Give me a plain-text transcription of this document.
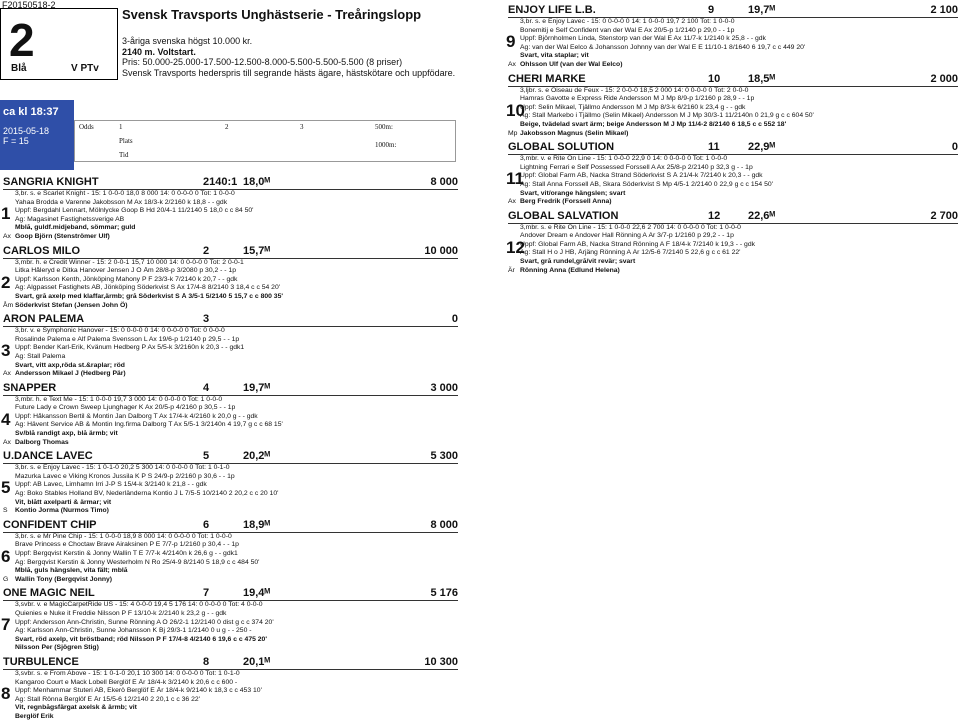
F20150518-2
2
Blå	V PTv
Svensk Travsports Unghästserie - Treåringslopp
3-åriga svenska högst 10.000 kr.
2140 m. Voltstart.
Pris: 50.000-25.000-17.500-12.500-8.000-5.500-5.500-5.500 (8 priser)
Svensk Travsports hederspris till segrande hästs ägare, hästskötare och uppfödare.
ca kl 18:37
2015-05-18
F = 15
Odds	1	2	3	500m:
Plats	1000m:
Tid
SANGRIA KNIGHT	2140:1 18,0ᴹ	8 000
1
3,br. s. e Scarlet Knight - 15: 1 0-0-0 18,0 8 000 14: 0 0-0-0 0 Tot: 1 0-0-0
Yahaa Brodda e Varenne Jakobsson M Ax 18/3-k 2/2160 k 18,8 - - gdk
Uppf: Bergdahl Lennart, Mölnlycke Goop B Hd 20/4-1 11/2140 5 18,0 c c 84 50'
Äg: Magasinet Fastighetssverige AB
Mblå, guldf.midjeband, sömmar; guld
Ax Goop Björn (Stenströmer Ulf)
CARLOS MILO	2	15,7ᴹ	10 000
2
3,mbr. h. e Credit Winner - 15: 2 0-0-1 15,7 10 000 14: 0 0-0-0 0 Tot: 2 0-0-1
Litka Håleryd e Ditka Hanover Jensen J Ö Åm 28/8-p 3/2080 p 30,2 - - 1p
Uppf: Karlsson Kenth, Jönköping Mahony P F 23/3-k 7/2140 k 20,7 - - gdk
Äg: Algpasset Fastighets AB, Jönköping Söderkvist S Ax 17/4-8 8/2140 3 18,4 c c 54 20'
Svart, grå axelp med klaffar,ärmb; grå Söderkvist S Å 3/5-1 5/2140 5 15,7 c c 800 35'
Åm Söderkvist Stefan (Jensen John Ö)
ARON PALEMA	3	0
3
3,br. v. e Symphonic Hanover - 15: 0 0-0-0 0 14: 0 0-0-0 0 Tot: 0 0-0-0
Rosalinde Palema e Alf Palema Svensson L Ax 19/6-p 1/2140 p 29,5 - - 1p
Uppf: Bender Karl-Erik, Kvänum Hedberg P Ax 5/5-k 3/2160n k 20,3 - - gdk1
Äg: Stall Palema
Svart, vitt axp,röda st.&raplar; röd
Ax Andersson Mikael J (Hedberg Pär)
SNAPPER	4	19,7ᴹ	3 000
4
3,mbr. h. e Text Me - 15: 1 0-0-0 19,7 3 000 14: 0 0-0-0 0 Tot: 1 0-0-0
Future Lady e Crown Sweep Ljunghager K Ax 20/5-p 4/2160 p 30,5 - - 1p
Uppf: Håkansson Bertil & Montin Jan Dalborg T Ax 17/4-k 4/2160 k 20,0 g - - gdk
Äg: Hävent Service AB & Montin Ing.firma Dalborg T Ax 5/5-1 3/2140n 4 19,7 g c c 68 15'
Sv/blå randigt axp, blå ärmb; vit
Ax Dalborg Thomas
U.DANCE LAVEC	5	20,2ᴹ	5 300
5
3,br. s. e Enjoy Lavec - 15: 1 0-1-0 20,2 5 300 14: 0 0-0-0 0 Tot: 1 0-1-0
Mazurka Lavec e Viking Kronos Jussila K P S 24/9-p 2/2160 p 30,6 - - 1p
Uppf: AB Lavec, Limhamn Irri J-P S 15/4-k 3/2140 k 21,8 - - gdk
Äg: Boko Stables Holland BV, Nederländerna Kontio J L 7/5-5 10/2140 2 20,2 c c 20 10'
Vit, blått axelparti & ärmar; vit
S	Kontio Jorma (Nurmos Timo)
CONFIDENT CHIP	6	18,9ᴹ	8 000
6
3,br. s. e Mr Pine Chip - 15: 1 0-0-0 18,9 8 000 14: 0 0-0-0 0 Tot: 1 0-0-0
Brave Princess e Choctaw Brave Airaksinen P E 7/7-p 1/2160 p 30,4 - - 1p
Uppf: Bergqvist Kerstin & Jonny Wallin T E 7/7-k 4/2140n k 26,6 g - - gdk1
Äg: Bergqvist Kerstin & Jonny Westerholm N Ro 25/4-9 8/2140 5 18,9 c c 484 50'
Mblå, guls hängslen, vita fält; mblå
G Wallin Tony (Bergqvist Jonny)
ONE MAGIC NEIL	7	19,4ᴹ	5 176
7
3,svbr. v. e MagicCarpetRide US - 15: 4 0-0-0 19,4 5 176 14: 0 0-0-0 0 Tot: 4 0-0-0
Quienies e Nuke it Freddie Nilsson P F 13/10-k 2/2140 k 23,2 g - - gdk
Uppf: Andersson Ann-Christin, Sunne Rönning A Ö 26/2-1 12/2140 0 dist g c c 374 20'
Äg: Karlsson Ann-Christin, Sunne Johansson K Bj 29/3-1 1/2140 0 u g - - 250 -
Svart, röd axelp, vit bröstband; röd Nilsson P F 17/4-8 4/2140 6 19,6 c c 475 20'
Nilsson Per (Sjögren Stig)
TURBULENCE	8	20,1ᴹ	10 300
8
3,svbr. s. e From Above - 15: 1 0-1-0 20,1 10 300 14: 0 0-0-0 0 Tot: 1 0-1-0
Kangaroo Court e Mack Lobell Berglöf E År 18/4-k 3/2140 k 20,6 c c 600 -
Uppf: Menhammar Stuteri AB, Ekerö Berglöf E År 18/4-k 9/2140 k 18,3 c c 453 10'
Äg: Stall Rönna Berglöf E År 15/5-6 12/2140 2 20,1 c c 36 22'
Vit, regnbågsfärgat axelsk & ärmb; vit
Berglöf Erik
ENJOY LIFE L.B.	9	19,7ᴹ	2 100
9
3,br. s. e Enjoy Lavec - 15: 0 0-0-0 0 14: 1 0-0-0 19,7 2 100 Tot: 1 0-0-0
Bonemitij e Self Confident van der Wal E Ax 20/5-p 1/2140 p 29,0 - - 1p
Uppf: Björnholmen Linda, Stenstorp van der Wal E Ax 11/7-k 1/2140 k 25,8 - - gdk
Äg: van der Wal Eelco & Johansson Johnny van der Wal E E 11/10-1 8/1640 6 19,7 c c 449 20'
Svart, vita staplar; vit
Ax Ohlsson Ulf (van der Wal Eelco)
CHERI MARKE	10	18,5ᴹ	2 000
10
3,ljbr. s. e Oiseau de Feux - 15: 2 0-0-0 18,5 2 000 14: 0 0-0-0 0 Tot: 2 0-0-0
Hamras Gavotte e Express Ride Andersson M J Mp 8/9-p 1/2160 p 28,9 - - 1p
Uppf: Selin Mikael, Tjällmo Andersson M J Mp 8/3-k 6/2160 k 23,4 g - - gdk
Äg: Stall Markebo i Tjällmo (Selin Mikael) Andersson M J Mp 30/3-1 11/2140n 0 21,9 g c c 604 50'
Beige, tvädelad svart ärm; beige Andersson M J Mp 11/4-2 8/2140 6 18,5 c c 552 18'
Mp Jakobsson Magnus (Selin Mikael)
GLOBAL SOLUTION	11	22,9ᴹ	0
11
3,mbr. v. e Rite On Line - 15: 1 0-0-0 22,9 0 14: 0 0-0-0 0 Tot: 1 0-0-0
Lightning Ferrari e Self Possessed Forssell A Ax 25/8-p 2/2140 p 32,3 g - - 1p
Uppf: Global Farm AB, Nacka Strand Söderkvist S Å 21/4-k 7/2140 k 20,3 - - gdk
Äg: Stall Anna Forssell AB, Skara Söderkvist S Mp 4/5-1 2/2140 0 22,9 g c c 154 50'
Svart, vit/orange hängslen; svart
Ax Berg Fredrik (Forssell Anna)
GLOBAL SALVATION	12	22,6ᴹ	2 700
12
3,mbr. s. e Rite On Line - 15: 1 0-0-0 22,6 2 700 14: 0 0-0-0 0 Tot: 1 0-0-0
Andover Dream e Andover Hall Rönning A Är 3/7-p 1/2160 p 29,2 - - 1p
Uppf: Global Farm AB, Nacka Strand Rönning A F 18/4-k 7/2140 k 19,3 - - gdk
Äg: Stall H o J HB, Årjäng Rönning A Är 12/5-6 7/2140 5 22,6 g c c 61 22'
Svart, grå rundel,grå/vit revär; svart
Är Rönning Anna (Edlund Helena)
